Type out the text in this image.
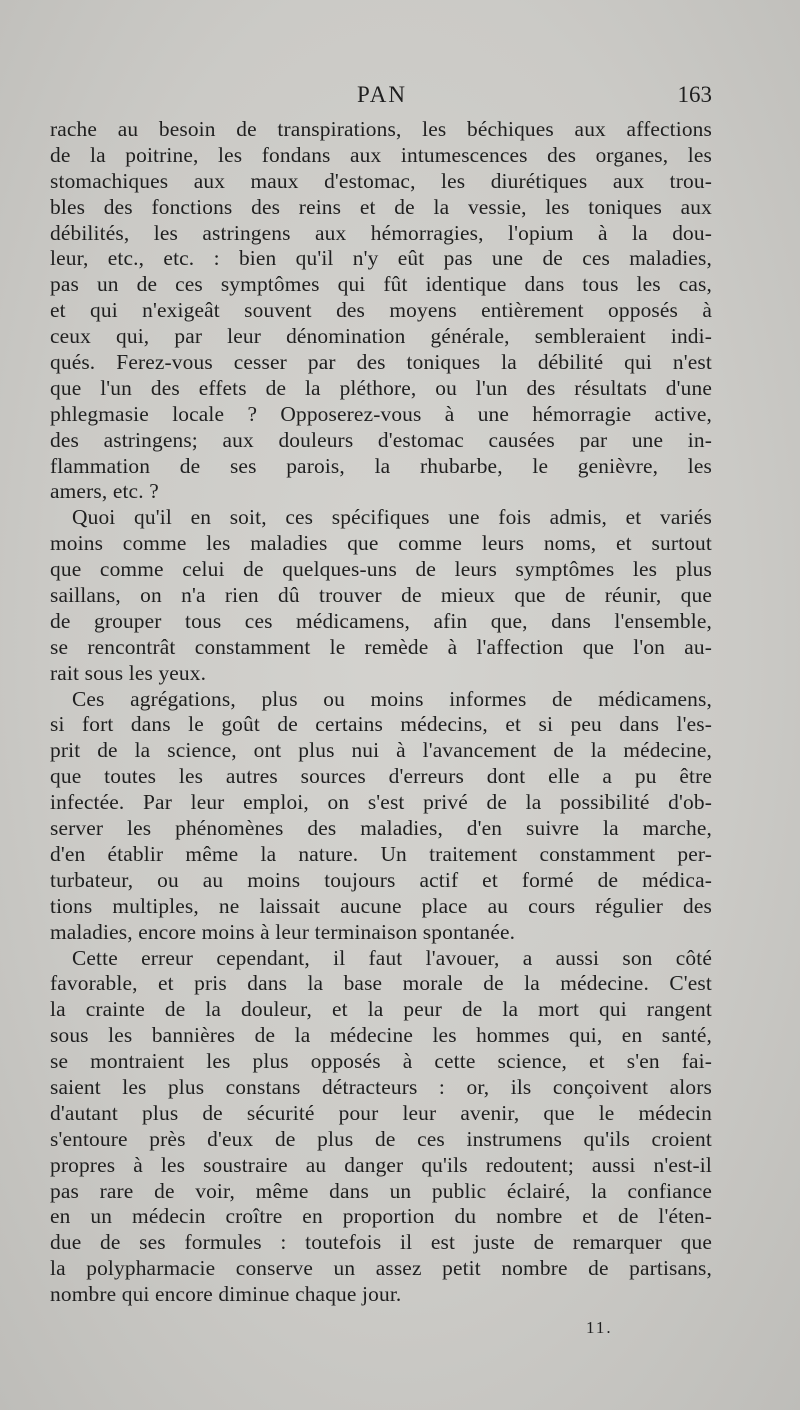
PAN	163
rache au besoin de transpirations, les béchiques aux affections
de la poitrine, les fondans aux intumescences des organes, les
stomachiques aux maux d'estomac, les diurétiques aux trou-
bles des fonctions des reins et de la vessie, les toniques aux
débilités, les astringens aux hémorragies, l'opium à la dou-
leur, etc., etc. : bien qu'il n'y eût pas une de ces maladies,
pas un de ces symptômes qui fût identique dans tous les cas,
et qui n'exigeât souvent des moyens entièrement opposés à
ceux qui, par leur dénomination générale, sembleraient indi-
qués. Ferez-vous cesser par des toniques la débilité qui n'est
que l'un des effets de la pléthore, ou l'un des résultats d'une
phlegmasie locale ? Opposerez-vous à une hémorragie active,
des astringens; aux douleurs d'estomac causées par une in-
flammation de ses parois, la rhubarbe, le genièvre, les
amers, etc. ?
Quoi qu'il en soit, ces spécifiques une fois admis, et variés
moins comme les maladies que comme leurs noms, et surtout
que comme celui de quelques-uns de leurs symptômes les plus
saillans, on n'a rien dû trouver de mieux que de réunir, que
de grouper tous ces médicamens, afin que, dans l'ensemble,
se rencontrât constamment le remède à l'affection que l'on au-
rait sous les yeux.
Ces agrégations, plus ou moins informes de médicamens,
si fort dans le goût de certains médecins, et si peu dans l'es-
prit de la science, ont plus nui à l'avancement de la médecine,
que toutes les autres sources d'erreurs dont elle a pu être
infectée. Par leur emploi, on s'est privé de la possibilité d'ob-
server les phénomènes des maladies, d'en suivre la marche,
d'en établir même la nature. Un traitement constamment per-
turbateur, ou au moins toujours actif et formé de médica-
tions multiples, ne laissait aucune place au cours régulier des
maladies, encore moins à leur terminaison spontanée.
Cette erreur cependant, il faut l'avouer, a aussi son côté
favorable, et pris dans la base morale de la médecine. C'est
la crainte de la douleur, et la peur de la mort qui rangent
sous les bannières de la médecine les hommes qui, en santé,
se montraient les plus opposés à cette science, et s'en fai-
saient les plus constans détracteurs : or, ils conçoivent alors
d'autant plus de sécurité pour leur avenir, que le médecin
s'entoure près d'eux de plus de ces instrumens qu'ils croient
propres à les soustraire au danger qu'ils redoutent; aussi n'est-il
pas rare de voir, même dans un public éclairé, la confiance
en un médecin croître en proportion du nombre et de l'éten-
due de ses formules : toutefois il est juste de remarquer que
la polypharmacie conserve un assez petit nombre de partisans,
nombre qui encore diminue chaque jour.
11.
